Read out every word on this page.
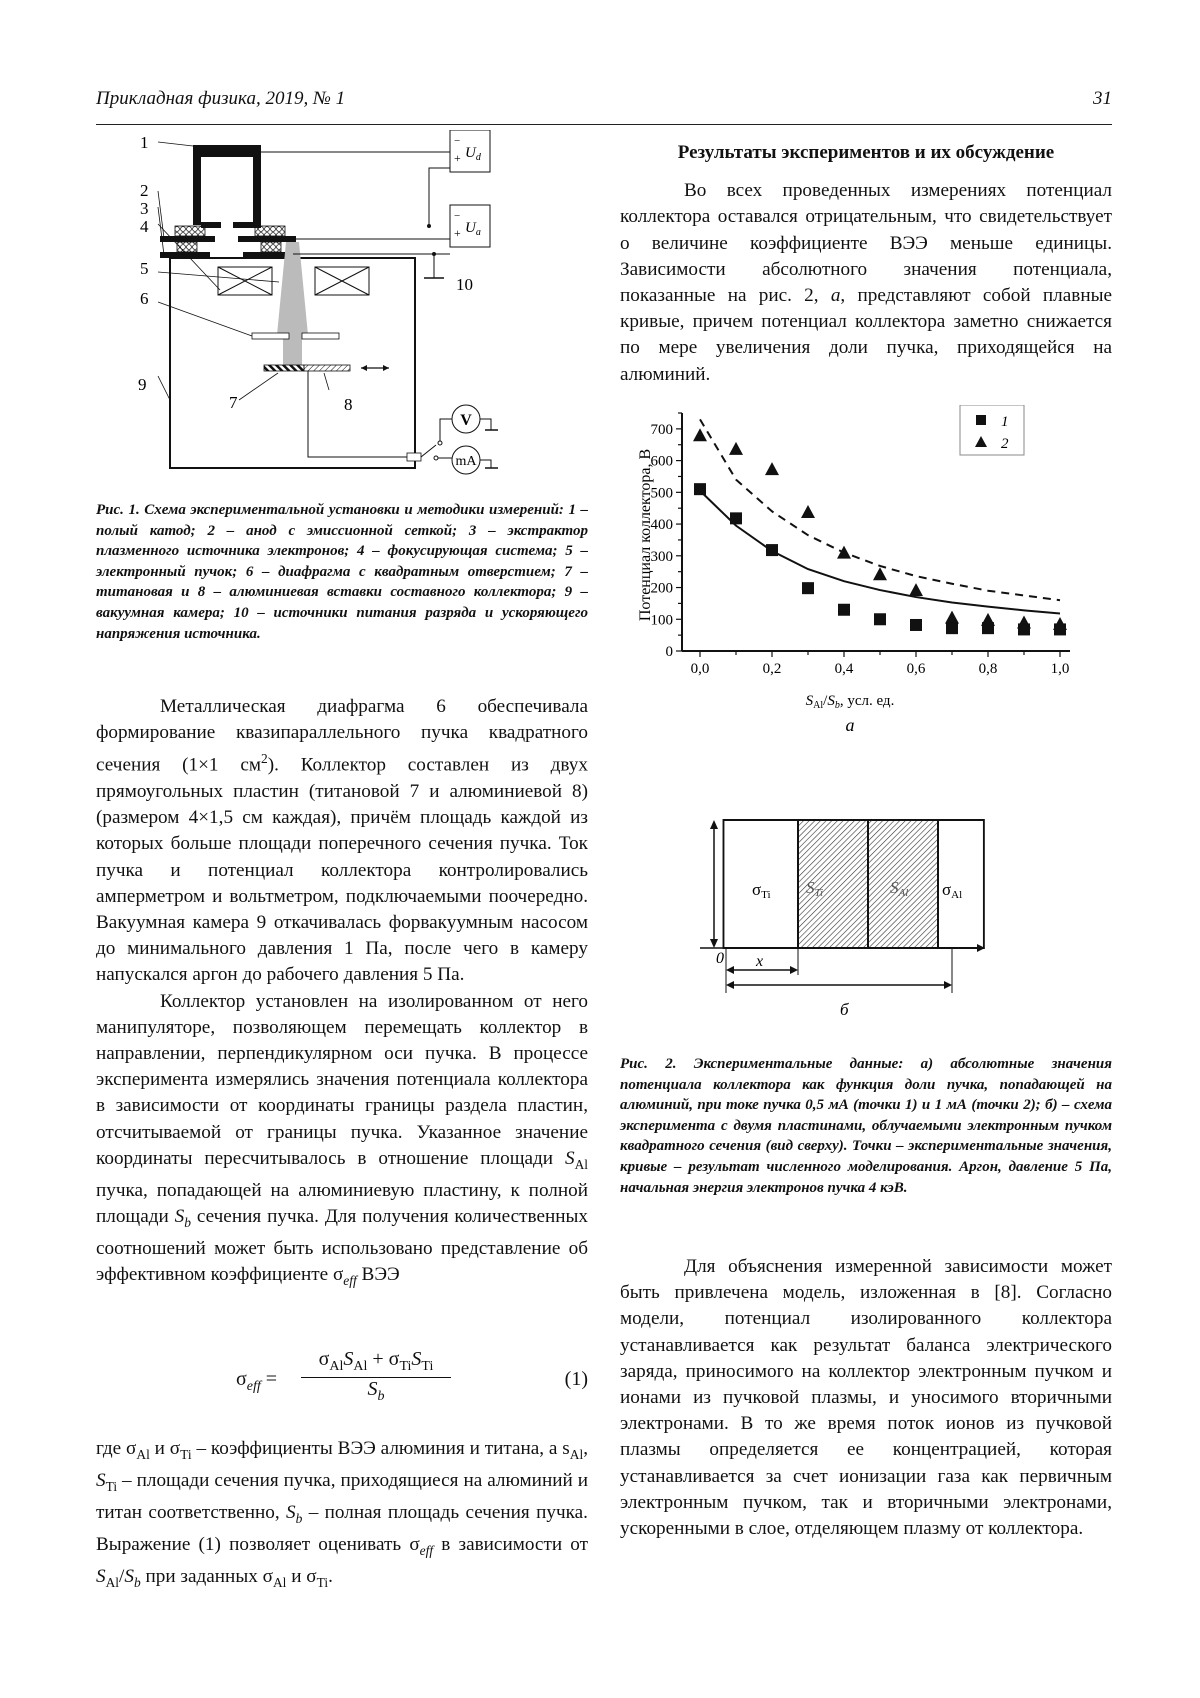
Прикладная физика, 2019, № 1	31
V
mA
−
+ $U_d$
−
+ $U_a$
1
2
3
4
5
6
7	8
9
10

Рис. 1. Схема экспериментальной установки и методики измерений: 1 – полый катод; 2 – анод с эмиссионной сеткой; 3 – экстрактор плазменного источника электронов; 4 – фокусирующая система; 5 – электронный пучок; 6 – диафрагма с квадратным отверстием; 7 – титановая и 8 – алюминиевая вставки составного коллектора; 9 – вакуумная камера; 10 – источники питания разряда и ускоряющего напряжения источника.

Металлическая диафрагма 6 обеспечивала формирование квазипараллельного пучка квадратного сечения (1×1 $см^2$). Коллектор составлен из двух прямоугольных пластин (титановой 7 и алюминиевой 8) (размером 4×1,5 см каждая), причём площадь каждой из которых больше площади поперечного сечения пучка. Ток пучка и потенциал коллектора контролировались амперметром и вольтметром, подключаемыми поочередно. Вакуумная камера 9 откачивалась форвакуумным насосом до минимального давления 1 Па, после чего в камеру напускался аргон до рабочего давления 5 Па.

Коллектор установлен на изолированном от него манипуляторе, позволяющем перемещать коллектор в направлении, перпендикулярном оси пучка. В процессе эксперимента измерялись значения потенциала коллектора в зависимости от координаты границы раздела пластин, отсчитываемой от границы пучка. Указанное значение координаты пересчитывалось в отношение площади $S_{Al}$ пучка, попадающей на алюминиевую пластину, к полной площади $S_b$ сечения пучка. Для получения количественных соотношений может быть использовано представление об эффективном коэффициенте $\sigma_{eff}$ ВЭЭ

$\sigma_{eff}$ =
$\sigma_{Al}S_{Al} + \sigma_{Ti}S_{Ti}$
$S_b$
(1)

где $\sigma_{Al}$ и $\sigma_{Ti}$ – коэффициенты ВЭЭ алюминия и титана, а $s_{Al}$, $S_{Ti}$ – площади сечения пучка, приходящиеся на алюминий и титан соответственно, $S_b$ – полная площадь сечения пучка. Выражение (1) позволяет оценивать $\sigma_{eff}$ в зависимости от $S_{Al}/S_b$ при заданных $\sigma_{Al}$ и $\sigma_{Ti}$.

Результаты экспериментов и их обсуждение

Во всех проведенных измерениях потенциал коллектора оставался отрицательным, что свидетельствует о величине коэффициенте ВЭЭ меньше единицы. Зависимости абсолютного значения потенциала, показанные на рис. 2, а, представляют собой плавные кривые, причем потенциал коллектора заметно снижается по мере увеличения доли пучка, приходящейся на алюминий.

0
100
200
300
400
500
600
700
0,0	0,2	0,4	0,6	0,8	1,0
Потенциал коллектора, В
$S_{Al}/S_b$, усл. ед.
а
1
2
σTi STi	SAl σAl
0 x
б

Рис. 2. Экспериментальные данные: а) абсолютные значения потенциала коллектора как функция доли пучка, попадающей на алюминий, при токе пучка 0,5 мА (точки 1) и 1 мА (точки 2); б) – схема эксперимента с двумя пластинами, облучаемыми электронным пучком квадратного сечения (вид сверху). Точки – экспериментальные значения, кривые – результат численного моделирования. Аргон, давление 5 Па, начальная энергия электронов пучка 4 кэВ.

Для объяснения измеренной зависимости может быть привлечена модель, изложенная в [8]. Согласно модели, потенциал изолированного коллектора устанавливается как результат баланса электрического заряда, приносимого на коллектор электронным пучком и ионами из пучковой плазмы, и уносимого вторичными электронами. В то же время поток ионов из пучковой плазмы определяется ее концентрацией, которая устанавливается за счет ионизации газа как первичным электронным пучком, так и вторичными электронами, ускоренными в слое, отделяющем плазму от коллектора.
